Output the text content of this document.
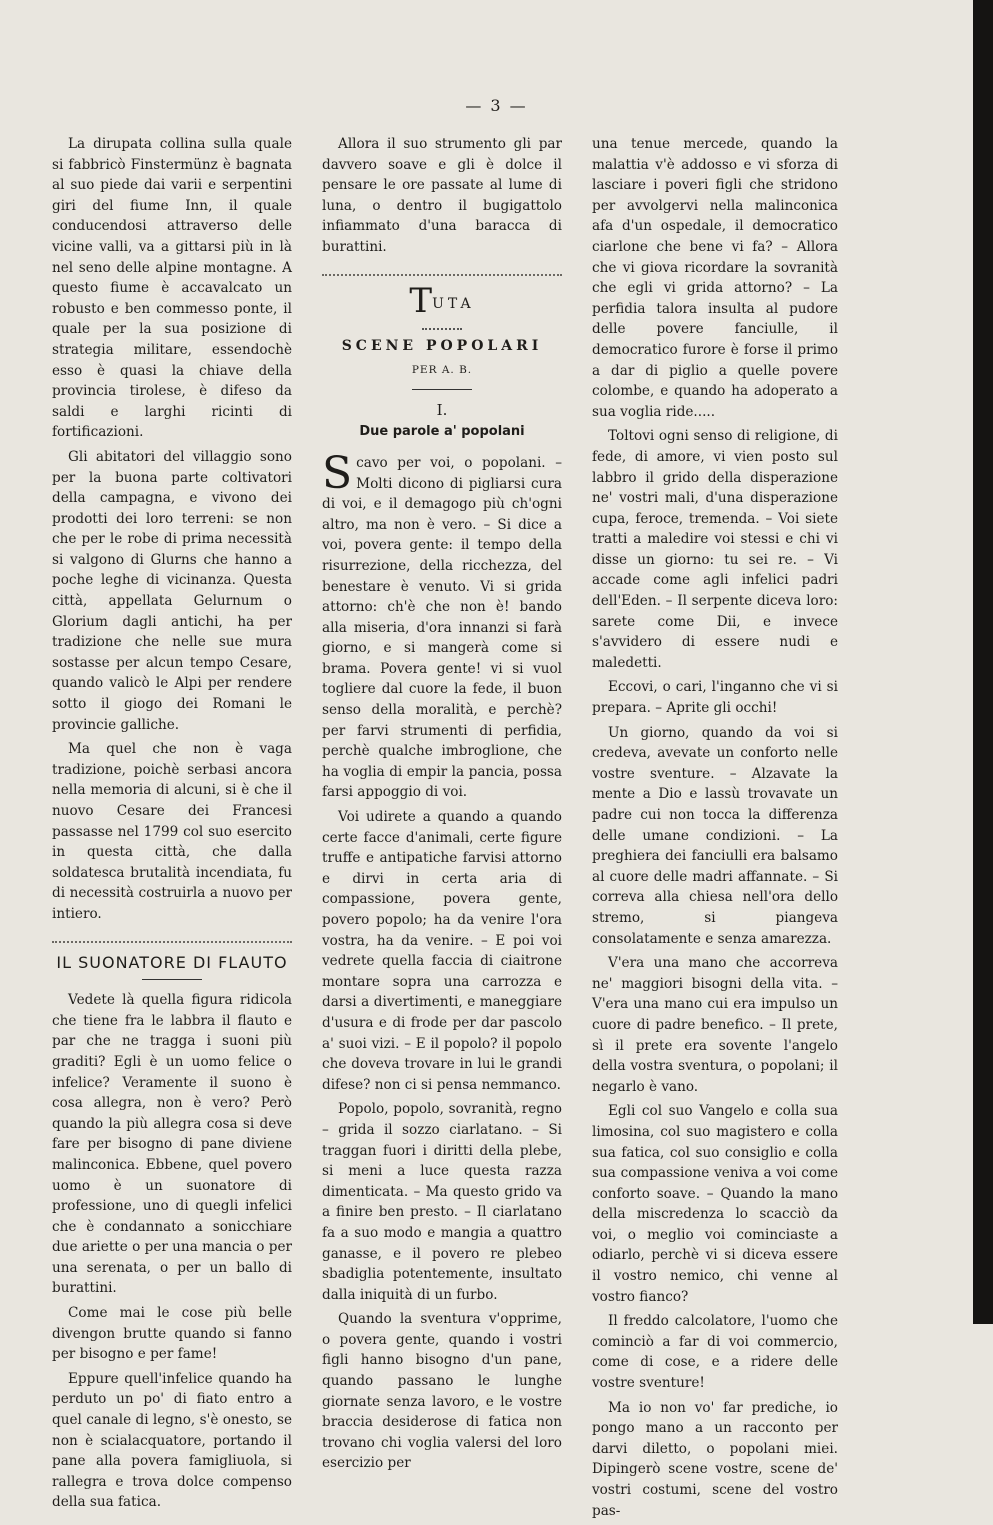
— 3 —

La dirupata collina sulla quale si fabbricò Finstermünz è bagnata al suo piede dai varii e serpentini giri del fiume Inn, il quale conducendosi attraverso delle vicine valli, va a gittarsi più in là nel seno delle alpine montagne. A questo fiume è accavalcato un robusto e ben commesso ponte, il quale per la sua posizione di strategia militare, essendochè esso è quasi la chiave della provincia tirolese, è difeso da saldi e larghi ricinti di fortificazioni.

Gli abitatori del villaggio sono per la buona parte coltivatori della campagna, e vivono dei prodotti dei loro terreni: se non che per le robe di prima necessità si valgono di Glurns che hanno a poche leghe di vicinanza. Questa città, appellata Gelurnum o Glorium dagli antichi, ha per tradizione che nelle sue mura sostasse per alcun tempo Cesare, quando valicò le Alpi per rendere sotto il giogo dei Romani le provincie galliche.

Ma quel che non è vaga tradizione, poichè serbasi ancora nella memoria di alcuni, si è che il nuovo Cesare dei Francesi passasse nel 1799 col suo esercito in questa città, che dalla soldatesca brutalità incendiata, fu di necessità costruirla a nuovo per intiero.

IL SUONATORE DI FLAUTO

Vedete là quella figura ridicola che tiene fra le labbra il flauto e par che ne tragga i suoni più graditi? Egli è un uomo felice o infelice? Veramente il suono è cosa allegra, non è vero? Però quando la più allegra cosa si deve fare per bisogno di pane diviene malinconica. Ebbene, quel povero uomo è un suonatore di professione, uno di quegli infelici che è condannato a sonicchiare due ariette o per una mancia o per una serenata, o per un ballo di burattini.

Come mai le cose più belle divengon brutte quando si fanno per bisogno e per fame!

Eppure quell'infelice quando ha perduto un po' di fiato entro a quel canale di legno, s'è onesto, se non è scialacquatore, portando il pane alla povera famigliuola, si rallegra e trova dolce compenso della sua fatica.

Allora il suo strumento gli par davvero soave e gli è dolce il pensare le ore passate al lume di luna, o dentro il bugigattolo infiammato d'una baracca di burattini.

TUTA
SCENE POPOLARI
PER A. B.
I.
Due parole a' popolani

Scavo per voi, o popolani. – Molti dicono di pigliarsi cura di voi, e il demagogo più ch'ogni altro, ma non è vero. – Si dice a voi, povera gente: il tempo della risurrezione, della ricchezza, del benestare è venuto. Vi si grida attorno: ch'è che non è! bando alla miseria, d'ora innanzi si farà giorno, e si mangerà come si brama. Povera gente! vi si vuol togliere dal cuore la fede, il buon senso della moralità, e perchè? per farvi strumenti di perfidia, perchè qualche imbroglione, che ha voglia di empir la pancia, possa farsi appoggio di voi.

Voi udirete a quando a quando certe facce d'animali, certe figure truffe e antipatiche farvisi attorno e dirvi in certa aria di compassione, povera gente, povero popolo; ha da venire l'ora vostra, ha da venire. – E poi voi vedrete quella faccia di ciaitrone montare sopra una carrozza e darsi a divertimenti, e maneggiare d'usura e di frode per dar pascolo a' suoi vizi. – E il popolo? il popolo che doveva trovare in lui le grandi difese? non ci si pensa nemmanco.

Popolo, popolo, sovranità, regno – grida il sozzo ciarlatano. – Si traggan fuori i diritti della plebe, si meni a luce questa razza dimenticata. – Ma questo grido va a finire ben presto. – Il ciarlatano fa a suo modo e mangia a quattro ganasse, e il povero re plebeo sbadiglia potentemente, insultato dalla iniquità di un furbo.

Quando la sventura v'opprime, o povera gente, quando i vostri figli hanno bisogno d'un pane, quando passano le lunghe giornate senza lavoro, e le vostre braccia desiderose di fatica non trovano chi voglia valersi del loro esercizio per

una tenue mercede, quando la malattia v'è addosso e vi sforza di lasciare i poveri figli che stridono per avvolgervi nella malinconica afa d'un ospedale, il democratico ciarlone che bene vi fa? – Allora che vi giova ricordare la sovranità che egli vi grida attorno? – La perfidia talora insulta al pudore delle povere fanciulle, il democratico furore è forse il primo a dar di piglio a quelle povere colombe, e quando ha adoperato a sua voglia ride.....

Toltovi ogni senso di religione, di fede, di amore, vi vien posto sul labbro il grido della disperazione ne' vostri mali, d'una disperazione cupa, feroce, tremenda. – Voi siete tratti a maledire voi stessi e chi vi disse un giorno: tu sei re. – Vi accade come agli infelici padri dell'Eden. – Il serpente diceva loro: sarete come Dii, e invece s'avvidero di essere nudi e maledetti.

Eccovi, o cari, l'inganno che vi si prepara. – Aprite gli occhi!

Un giorno, quando da voi si credeva, avevate un conforto nelle vostre sventure. – Alzavate la mente a Dio e lassù trovavate un padre cui non tocca la differenza delle umane condizioni. – La preghiera dei fanciulli era balsamo al cuore delle madri affannate. – Si correva alla chiesa nell'ora dello stremo, si piangeva consolatamente e senza amarezza.

V'era una mano che accorreva ne' maggiori bisogni della vita. – V'era una mano cui era impulso un cuore di padre benefico. – Il prete, sì il prete era sovente l'angelo della vostra sventura, o popolani; il negarlo è vano.

Egli col suo Vangelo e colla sua limosina, col suo magistero e colla sua fatica, col suo consiglio e colla sua compassione veniva a voi come conforto soave. – Quando la mano della miscredenza lo scacciò da voi, o meglio voi cominciaste a odiarlo, perchè vi si diceva essere il vostro nemico, chi venne al vostro fianco?

Il freddo calcolatore, l'uomo che cominciò a far di voi commercio, come di cose, e a ridere delle vostre sventure!

Ma io non vo' far prediche, io pongo mano a un racconto per darvi diletto, o popolani miei. Dipingerò scene vostre, scene de' vostri costumi, scene del vostro pas-
